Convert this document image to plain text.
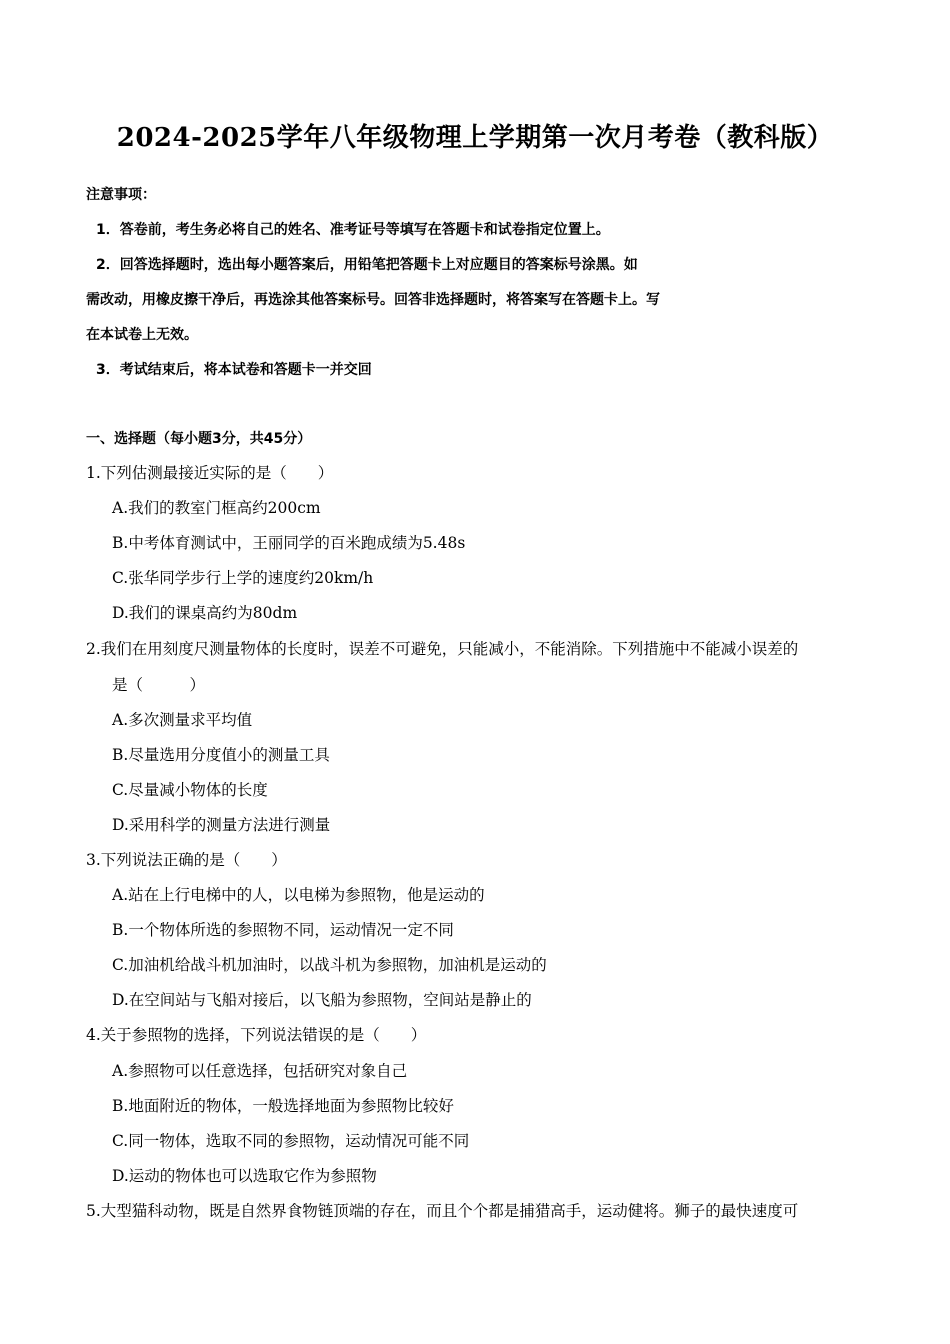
2024-2025学年八年级物理上学期第一次月考卷（教科版）
注意事项：
1．答卷前，考生务必将自己的姓名、准考证号等填写在答题卡和试卷指定位置上。
2．回答选择题时，选出每小题答案后，用铅笔把答题卡上对应题目的答案标号涂黑。如
需改动，用橡皮擦干净后，再选涂其他答案标号。回答非选择题时，将答案写在答题卡上。写
在本试卷上无效。
3．考试结束后，将本试卷和答题卡一并交回
一、选择题（每小题3分，共45分）
1.下列估测最接近实际的是（　　）
A.我们的教室门框高约200cm
B.中考体育测试中，王丽同学的百米跑成绩为5.48s
C.张华同学步行上学的速度约20km/h
D.我们的课桌高约为80dm
2.我们在用刻度尺测量物体的长度时，误差不可避免，只能减小，不能消除。下列措施中不能减小误差的
是（　　　）
A.多次测量求平均值
B.尽量选用分度值小的测量工具
C.尽量减小物体的长度
D.采用科学的测量方法进行测量
3.下列说法正确的是（　　）
A.站在上行电梯中的人，以电梯为参照物，他是运动的
B.一个物体所选的参照物不同，运动情况一定不同
C.加油机给战斗机加油时，以战斗机为参照物，加油机是运动的
D.在空间站与飞船对接后，以飞船为参照物，空间站是静止的
4.关于参照物的选择，下列说法错误的是（　　）
A.参照物可以任意选择，包括研究对象自己
B.地面附近的物体，一般选择地面为参照物比较好
C.同一物体，选取不同的参照物，运动情况可能不同
D.运动的物体也可以选取它作为参照物
5.大型猫科动物，既是自然界食物链顶端的存在，而且个个都是捕猎高手，运动健将。狮子的最快速度可
